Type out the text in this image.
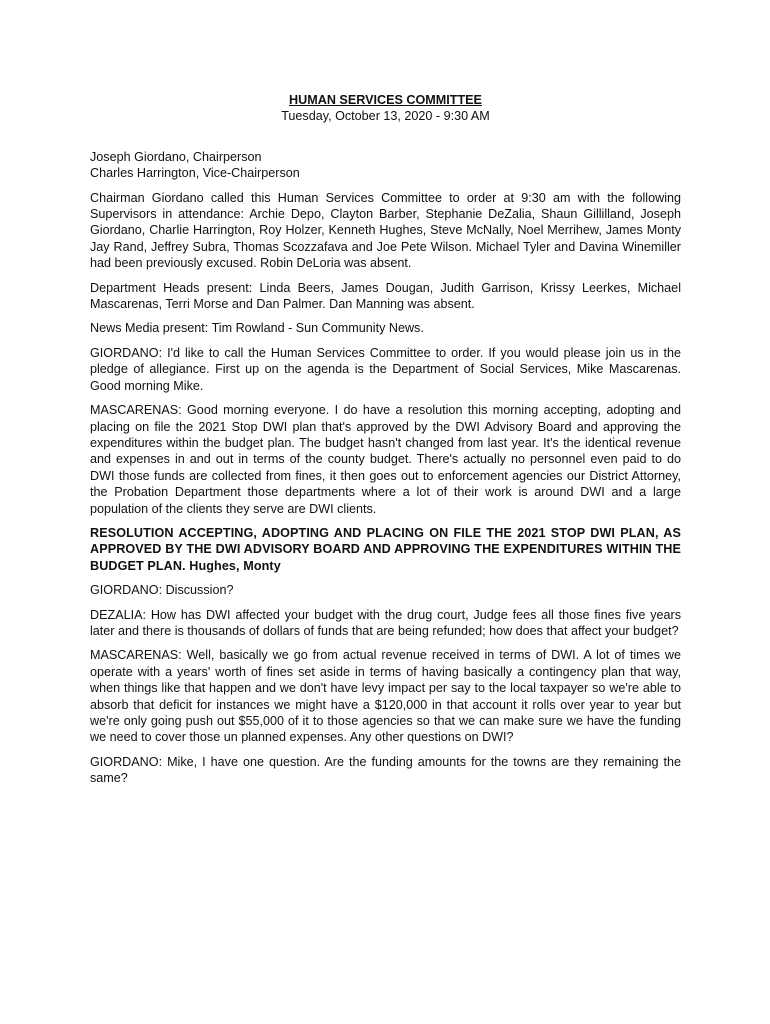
HUMAN SERVICES COMMITTEE

Tuesday, October 13, 2020 - 9:30 AM

Joseph Giordano, Chairperson

Charles Harrington, Vice-Chairperson

Chairman Giordano called this Human Services Committee to order at 9:30 am with the following Supervisors in attendance: Archie Depo, Clayton Barber, Stephanie DeZalia, Shaun Gillilland, Joseph Giordano, Charlie Harrington, Roy Holzer, Kenneth Hughes, Steve McNally, Noel Merrihew, James Monty Jay Rand, Jeffrey Subra, Thomas Scozzafava and Joe Pete Wilson. Michael Tyler and Davina Winemiller had been previously excused. Robin DeLoria was absent.

Department Heads present: Linda Beers, James Dougan, Judith Garrison, Krissy Leerkes, Michael Mascarenas, Terri Morse and Dan Palmer. Dan Manning was absent.

News Media present: Tim Rowland - Sun Community News.

GIORDANO: I'd like to call the Human Services Committee to order. If you would please join us in the pledge of allegiance. First up on the agenda is the Department of Social Services, Mike Mascarenas. Good morning Mike.

MASCARENAS: Good morning everyone. I do have a resolution this morning accepting, adopting and placing on file the 2021 Stop DWI plan that's approved by the DWI Advisory Board and approving the expenditures within the budget plan. The budget hasn't changed from last year. It's the identical revenue and expenses in and out in terms of the county budget. There's actually no personnel even paid to do DWI those funds are collected from fines, it then goes out to enforcement agencies our District Attorney, the Probation Department those departments where a lot of their work is around DWI and a large population of the clients they serve are DWI clients.

RESOLUTION ACCEPTING, ADOPTING AND PLACING ON FILE THE 2021 STOP DWI PLAN, AS APPROVED BY THE DWI ADVISORY BOARD AND APPROVING THE EXPENDITURES WITHIN THE BUDGET PLAN. Hughes, Monty

GIORDANO: Discussion?

DEZALIA: How has DWI affected your budget with the drug court, Judge fees all those fines five years later and there is thousands of dollars of funds that are being refunded; how does that affect your budget?

MASCARENAS: Well, basically we go from actual revenue received in terms of DWI. A lot of times we operate with a years' worth of fines set aside in terms of having basically a contingency plan that way, when things like that happen and we don't have levy impact per say to the local taxpayer so we're able to absorb that deficit for instances we might have a $120,000 in that account it rolls over year to year but we're only going push out $55,000 of it to those agencies so that we can make sure we have the funding we need to cover those un planned expenses. Any other questions on DWI?

GIORDANO: Mike, I have one question. Are the funding amounts for the towns are they remaining the same?
